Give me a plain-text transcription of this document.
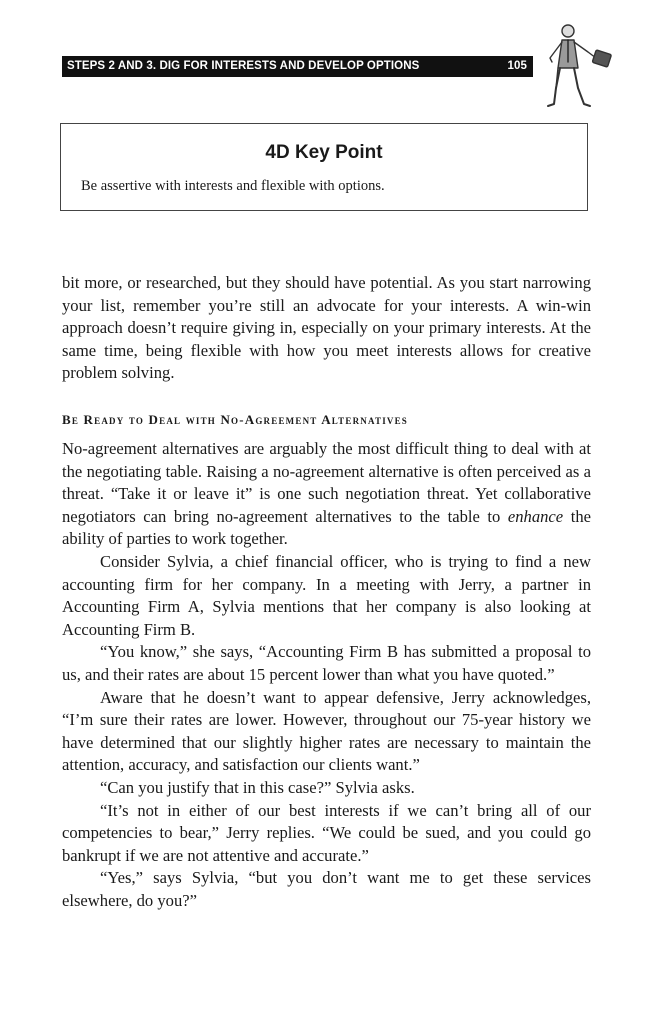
STEPS 2 AND 3. DIG FOR INTERESTS AND DEVELOP OPTIONS	105
4D Key Point
Be assertive with interests and flexible with options.

bit more, or researched, but they should have potential. As you start narrowing your list, remember you’re still an advocate for your interests. A win-win approach doesn’t require giving in, especially on your primary interests. At the same time, being flexible with how you meet interests allows for creative problem solving.

Be Ready to Deal with No-Agreement Alternatives

No-agreement alternatives are arguably the most difficult thing to deal with at the negotiating table. Raising a no-agreement alternative is often perceived as a threat. “Take it or leave it” is one such negotiation threat. Yet collaborative negotiators can bring no-agreement alternatives to the table to enhance the ability of parties to work together.

Consider Sylvia, a chief financial officer, who is trying to find a new accounting firm for her company. In a meeting with Jerry, a partner in Accounting Firm A, Sylvia mentions that her company is also looking at Accounting Firm B.

“You know,” she says, “Accounting Firm B has submitted a proposal to us, and their rates are about 15 percent lower than what you have quoted.”

Aware that he doesn’t want to appear defensive, Jerry acknowledges, “I’m sure their rates are lower. However, throughout our 75-year history we have determined that our slightly higher rates are necessary to maintain the attention, accuracy, and satisfaction our clients want.”

“Can you justify that in this case?” Sylvia asks.

“It’s not in either of our best interests if we can’t bring all of our competencies to bear,” Jerry replies. “We could be sued, and you could go bankrupt if we are not attentive and accurate.”

“Yes,” says Sylvia, “but you don’t want me to get these services elsewhere, do you?”
